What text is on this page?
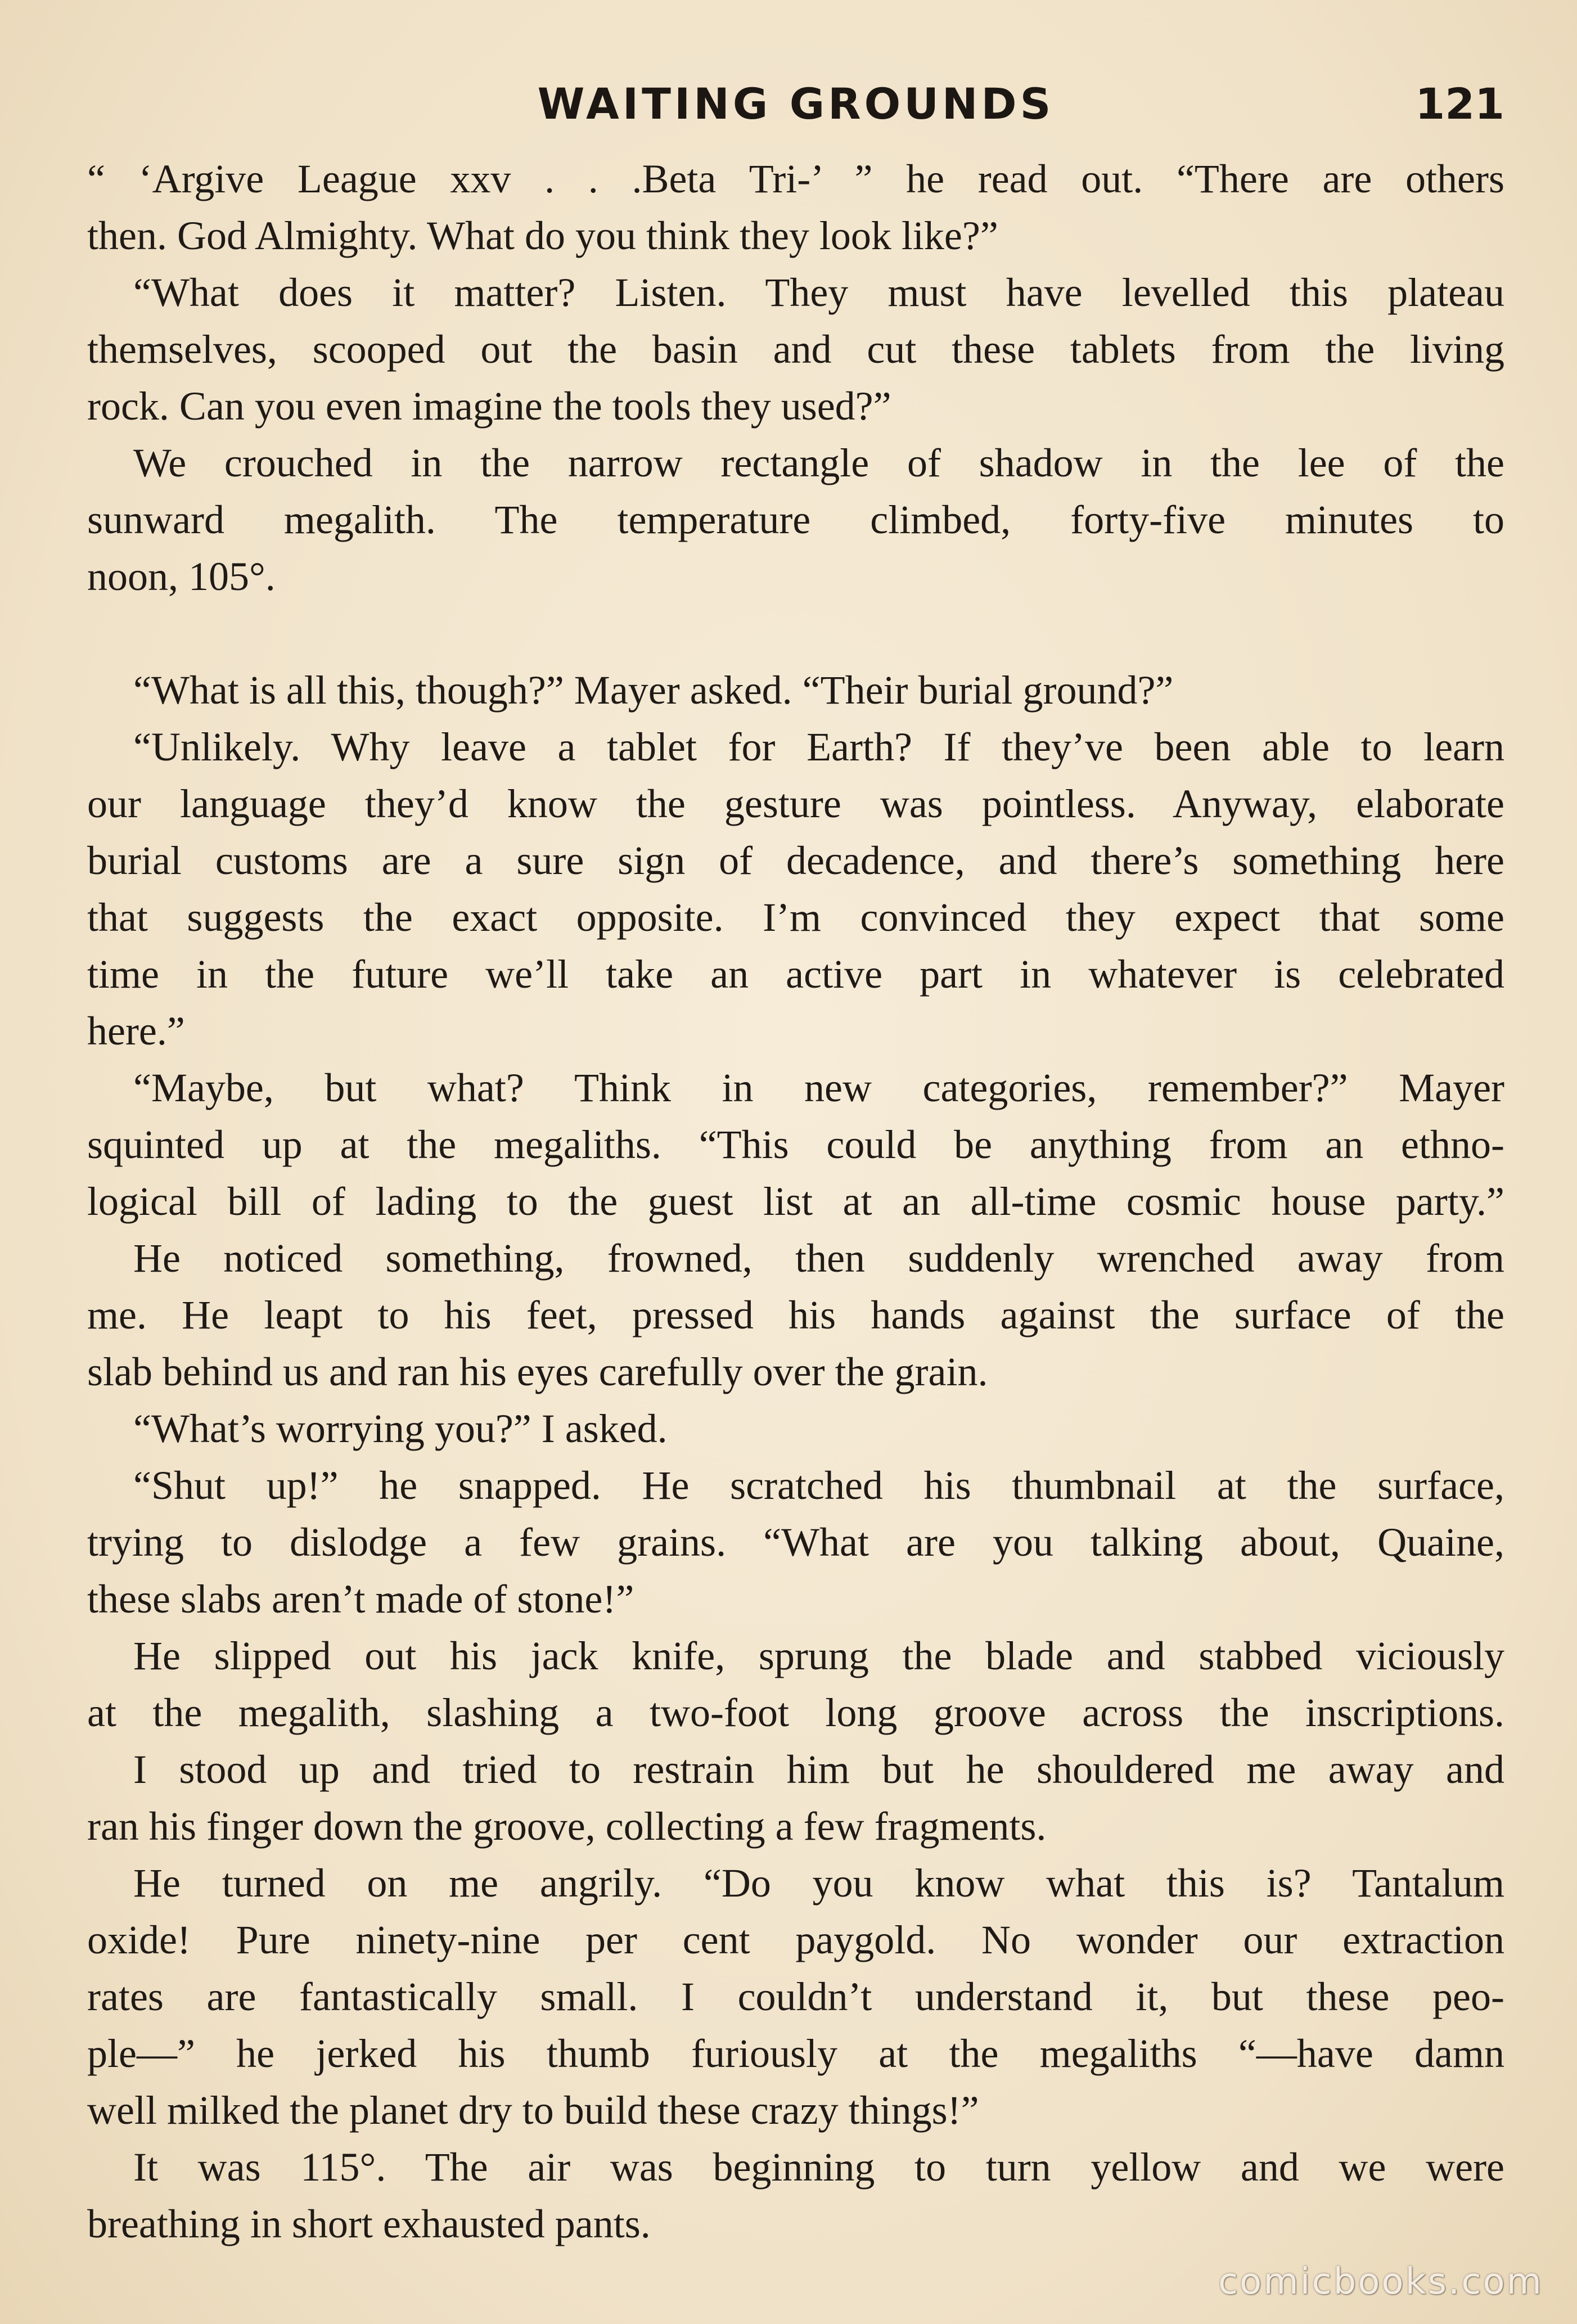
WAITING GROUNDS	121

“ ‘Argive League xxv . . .Beta Tri-’ ” he read out. “There are others
then. God Almighty. What do you think they look like?”

“What does it matter? Listen. They must have levelled this plateau
themselves, scooped out the basin and cut these tablets from the living
rock. Can you even imagine the tools they used?”

We crouched in the narrow rectangle of shadow in the lee of the
sunward megalith. The temperature climbed, forty-five minutes to
noon, 105°.

“What is all this, though?” Mayer asked. “Their burial ground?”

“Unlikely. Why leave a tablet for Earth? If they’ve been able to learn
our language they’d know the gesture was pointless. Anyway, elaborate
burial customs are a sure sign of decadence, and there’s something here
that suggests the exact opposite. I’m convinced they expect that some
time in the future we’ll take an active part in whatever is celebrated
here.”

“Maybe, but what? Think in new categories, remember?” Mayer
squinted up at the megaliths. “This could be anything from an ethno-
logical bill of lading to the guest list at an all-time cosmic house party.”

He noticed something, frowned, then suddenly wrenched away from
me. He leapt to his feet, pressed his hands against the surface of the
slab behind us and ran his eyes carefully over the grain.

“What’s worrying you?” I asked.

“Shut up!” he snapped. He scratched his thumbnail at the surface,
trying to dislodge a few grains. “What are you talking about, Quaine,
these slabs aren’t made of stone!”

He slipped out his jack knife, sprung the blade and stabbed viciously
at the megalith, slashing a two-foot long groove across the inscriptions.

I stood up and tried to restrain him but he shouldered me away and
ran his finger down the groove, collecting a few fragments.

He turned on me angrily. “Do you know what this is? Tantalum
oxide! Pure ninety-nine per cent paygold. No wonder our extraction
rates are fantastically small. I couldn’t understand it, but these peo-
ple—” he jerked his thumb furiously at the megaliths “—have damn
well milked the planet dry to build these crazy things!”

It was 115°. The air was beginning to turn yellow and we were
breathing in short exhausted pants.

comicbooks.com
